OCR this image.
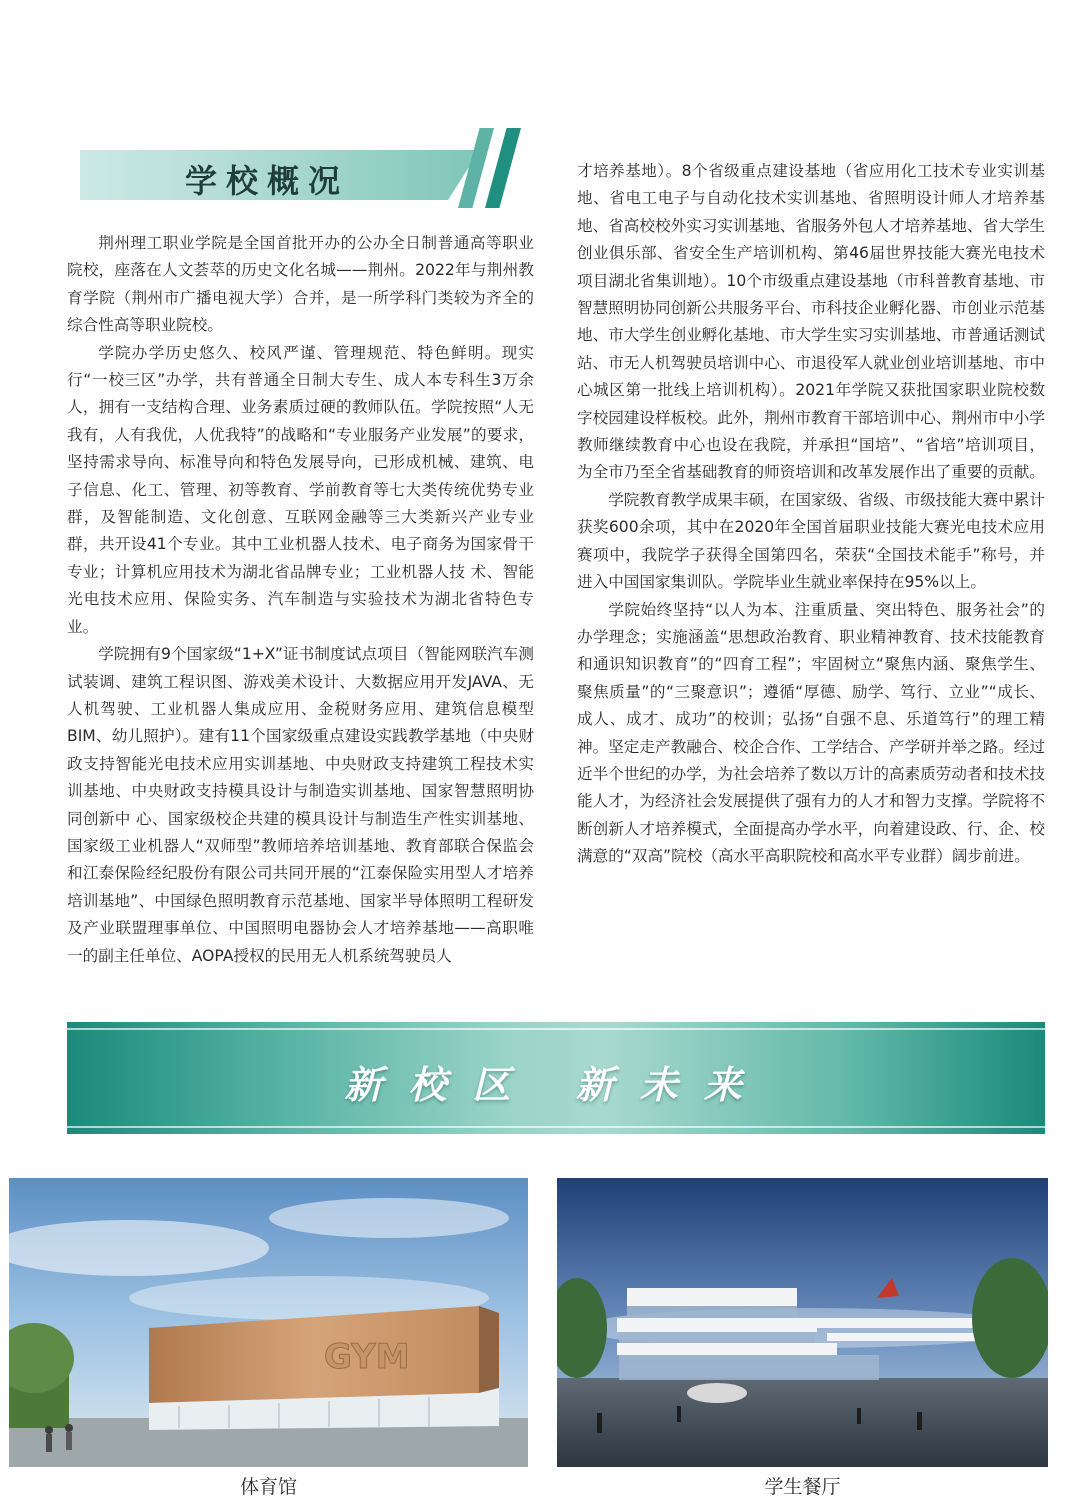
学校概况

荆州理工职业学院是全国首批开办的公办全日制普通高等职业院校，座落在人文荟萃的历史文化名城——荆州。2022年与荆州教育学院（荆州市广播电视大学）合并，是一所学科门类较为齐全的综合性高等职业院校。

学院办学历史悠久、校风严谨、管理规范、特色鲜明。现实行“一校三区”办学，共有普通全日制大专生、成人本专科生3万余人，拥有一支结构合理、业务素质过硬的教师队伍。学院按照“人无我有，人有我优，人优我特”的战略和“专业服务产业发展”的要求，坚持需求导向、标准导向和特色发展导向，已形成机械、建筑、电子信息、化工、管理、初等教育、学前教育等七大类传统优势专业群，及智能制造、文化创意、互联网金融等三大类新兴产业专业群，共开设41个专业。其中工业机器人技术、电子商务为国家骨干专业；计算机应用技术为湖北省品牌专业；工业机器人技 术、智能光电技术应用、保险实务、汽车制造与实验技术为湖北省特色专业。

学院拥有9个国家级“1+X”证书制度试点项目（智能网联汽车测试装调、建筑工程识图、游戏美术设计、大数据应用开发JAVA、无人机驾驶、工业机器人集成应用、金税财务应用、建筑信息模型BIM、幼儿照护）。建有11个国家级重点建设实践教学基地（中央财政支持智能光电技术应用实训基地、中央财政支持建筑工程技术实训基地、中央财政支持模具设计与制造实训基地、国家智慧照明协同创新中 心、国家级校企共建的模具设计与制造生产性实训基地、国家级工业机器人“双师型”教师培养培训基地、教育部联合保监会和江泰保险经纪股份有限公司共同开展的“江泰保险实用型人才培养培训基地”、中国绿色照明教育示范基地、国家半导体照明工程研发及产业联盟理事单位、中国照明电器协会人才培养基地——高职唯一的副主任单位、AOPA授权的民用无人机系统驾驶员人

才培养基地）。8个省级重点建设基地（省应用化工技术专业实训基地、省电工电子与自动化技术实训基地、省照明设计师人才培养基地、省高校校外实习实训基地、省服务外包人才培养基地、省大学生创业俱乐部、省安全生产培训机构、第46届世界技能大赛光电技术项目湖北省集训地）。10个市级重点建设基地（市科普教育基地、市智慧照明协同创新公共服务平台、市科技企业孵化器、市创业示范基地、市大学生创业孵化基地、市大学生实习实训基地、市普通话测试站、市无人机驾驶员培训中心、市退役军人就业创业培训基地、市中心城区第一批线上培训机构）。2021年学院又获批国家职业院校数字校园建设样板校。此外，荆州市教育干部培训中心、荆州市中小学教师继续教育中心也设在我院，并承担“国培”、“省培”培训项目，为全市乃至全省基础教育的师资培训和改革发展作出了重要的贡献。

学院教育教学成果丰硕，在国家级、省级、市级技能大赛中累计获奖600余项，其中在2020年全国首届职业技能大赛光电技术应用赛项中，我院学子获得全国第四名，荣获“全国技术能手”称号，并进入中国国家集训队。学院毕业生就业率保持在95%以上。

学院始终坚持“以人为本、注重质量、突出特色、服务社会”的办学理念；实施涵盖“思想政治教育、职业精神教育、技术技能教育和通识知识教育”的“四育工程”；牢固树立“聚焦内涵、聚焦学生、聚焦质量”的“三聚意识”；遵循“厚德、励学、笃行、立业”“成长、成人、成才、成功”的校训；弘扬“自强不息、乐道笃行”的理工精神。坚定走产教融合、校企合作、工学结合、产学研并举之路。经过近半个世纪的办学，为社会培养了数以万计的高素质劳动者和技术技能人才，为经济社会发展提供了强有力的人才和智力支撑。学院将不断创新人才培养模式，全面提高办学水平，向着建设政、行、企、校满意的“双高”院校（高水平高职院校和高水平专业群）阔步前进。

新校区 新未来
GYM
体育馆	学生餐厅
